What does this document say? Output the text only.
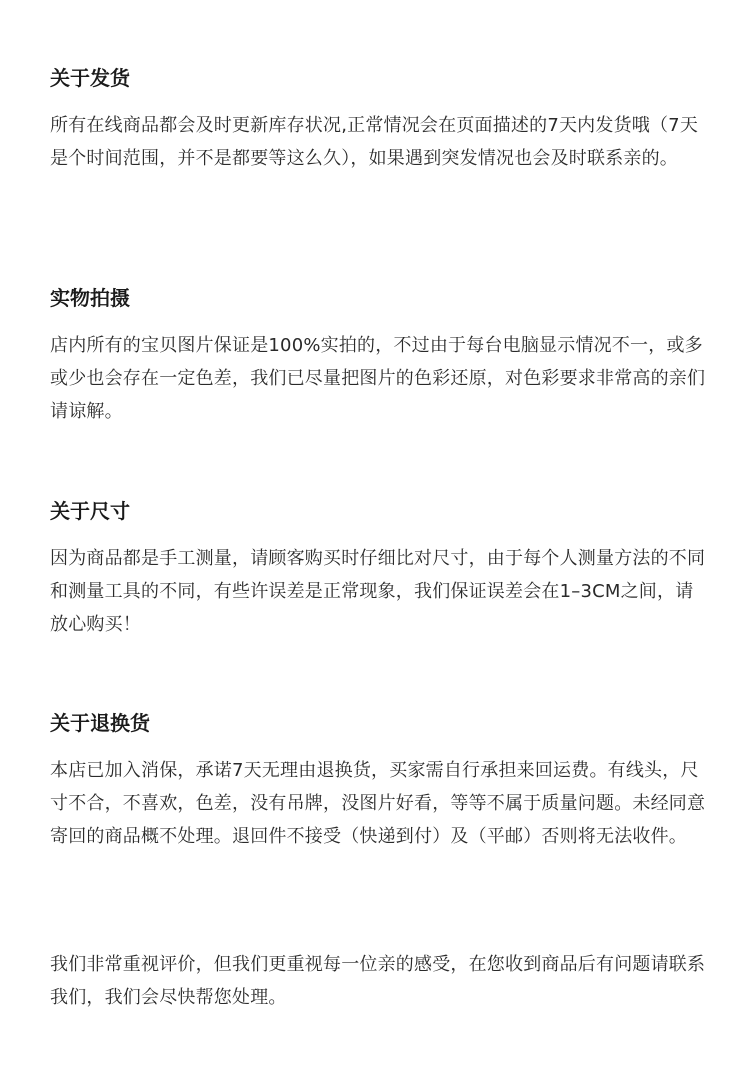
关于发货

所有在线商品都会及时更新库存状况,正常情况会在页面描述的7天内发货哦（7天是个时间范围，并不是都要等这么久），如果遇到突发情况也会及时联系亲的。

实物拍摄

店内所有的宝贝图片保证是100%实拍的，不过由于每台电脑显示情况不一，或多或少也会存在一定色差，我们已尽量把图片的色彩还原，对色彩要求非常高的亲们请谅解。

关于尺寸

因为商品都是手工测量，请顾客购买时仔细比对尺寸，由于每个人测量方法的不同和测量工具的不同，有些许误差是正常现象，我们保证误差会在1–3CM之间，请放心购买！

关于退换货

本店已加入消保，承诺7天无理由退换货，买家需自行承担来回运费。有线头，尺寸不合，不喜欢，色差，没有吊牌，没图片好看，等等不属于质量问题。未经同意寄回的商品概不处理。退回件不接受（快递到付）及（平邮）否则将无法收件。

我们非常重视评价，但我们更重视每一位亲的感受，在您收到商品后有问题请联系我们，我们会尽快帮您处理。
